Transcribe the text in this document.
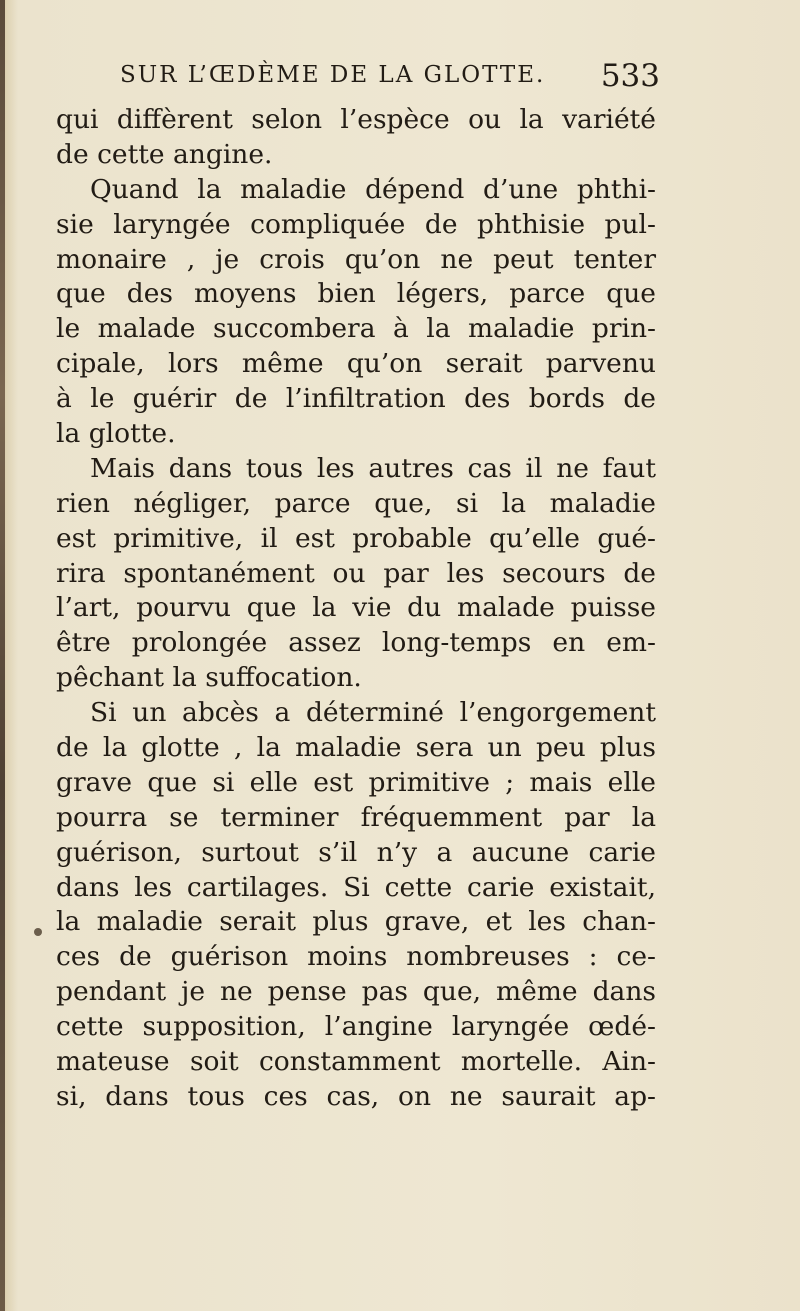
SUR L’ŒDÈME DE LA GLOTTE. 533
qui diffèrent selon l’espèce ou la variété
de cette angine.
Quand la maladie dépend d’une phthi-
sie laryngée compliquée de phthisie pul-
monaire , je crois qu’on ne peut tenter
que des moyens bien légers, parce que
le malade succombera à la maladie prin-
cipale, lors même qu’on serait parvenu
à le guérir de l’infiltration des bords de
la glotte.
Mais dans tous les autres cas il ne faut
rien négliger, parce que, si la maladie
est primitive, il est probable qu’elle gué-
rira spontanément ou par les secours de
l’art, pourvu que la vie du malade puisse
être prolongée assez long-temps en em-
pêchant la suffocation.
Si un abcès a déterminé l’engorgement
de la glotte , la maladie sera un peu plus
grave que si elle est primitive ; mais elle
pourra se terminer fréquemment par la
guérison, surtout s’il n’y a aucune carie
dans les cartilages. Si cette carie existait,
la maladie serait plus grave, et les chan-
ces de guérison moins nombreuses : ce-
pendant je ne pense pas que, même dans
cette supposition, l’angine laryngée œdé-
mateuse soit constamment mortelle. Ain-
si, dans tous ces cas, on ne saurait ap-
